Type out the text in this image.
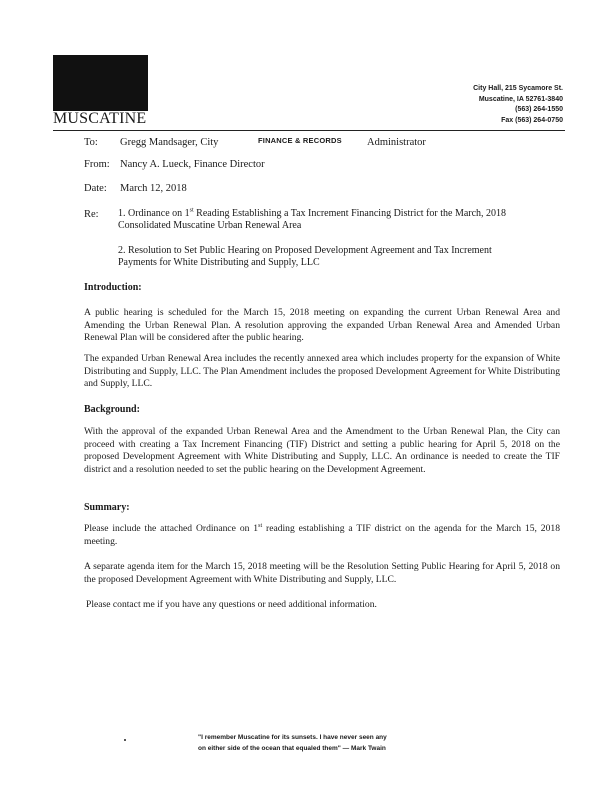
MUSCATINE
City Hall, 215 Sycamore St.
Muscatine, IA 52761-3840
(563) 264-1550
Fax (563) 264-0750
To: Gregg Mandsager, City	FINANCE & RECORDS Administrator
From: Nancy A. Lueck, Finance Director
Date: March 12, 2018
Re: 1. Ordinance on 1st Reading Establishing a Tax Increment Financing District for the March, 2018
Consolidated Muscatine Urban Renewal Area
2. Resolution to Set Public Hearing on Proposed Development Agreement and Tax Increment
Payments for White Distributing and Supply, LLC
Introduction:
A public hearing is scheduled for the March 15, 2018 meeting on expanding the current Urban Renewal Area and Amending the Urban Renewal Plan. A resolution approving the expanded Urban Renewal Area and Amended Urban Renewal Plan will be considered after the public hearing.
The expanded Urban Renewal Area includes the recently annexed area which includes property for the expansion of White Distributing and Supply, LLC. The Plan Amendment includes the proposed Development Agreement for White Distributing and Supply, LLC.
Background:
With the approval of the expanded Urban Renewal Area and the Amendment to the Urban Renewal Plan, the City can proceed with creating a Tax Increment Financing (TIF) District and setting a public hearing for April 5, 2018 on the proposed Development Agreement with White Distributing and Supply, LLC. An ordinance is needed to create the TIF district and a resolution needed to set the public hearing on the Development Agreement.
Summary:
Please include the attached Ordinance on 1st reading establishing a TIF district on the agenda for the March 15, 2018 meeting.
A separate agenda item for the March 15, 2018 meeting will be the Resolution Setting Public Hearing for April 5, 2018 on the proposed Development Agreement with White Distributing and Supply, LLC.
Please contact me if you have any questions or need additional information.
"I remember Muscatine for its sunsets. I have never seen any
on either side of the ocean that equaled them" — Mark Twain
